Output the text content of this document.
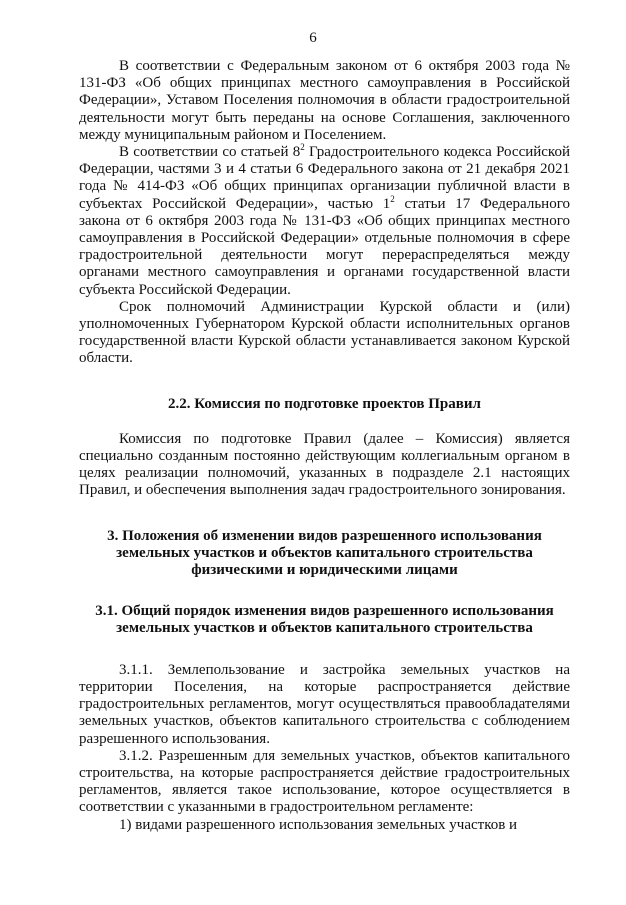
6

В соответствии с Федеральным законом от 6 октября 2003 года № 131-ФЗ «Об общих принципах местного самоуправления в Российской Федерации», Уставом Поселения полномочия в области градостроительной деятельности могут быть переданы на основе Соглашения, заключенного между муниципальным районом и Поселением.

В соответствии со статьей $8^2$ Градостроительного кодекса Российской Федерации, частями 3 и 4 статьи 6 Федерального закона от 21 декабря 2021 года № 414-ФЗ «Об общих принципах организации публичной власти в субъектах Российской Федерации», частью $1^2$ статьи 17 Федерального закона от 6 октября 2003 года № 131-ФЗ «Об общих принципах местного самоуправления в Российской Федерации» отдельные полномочия в сфере градостроительной деятельности могут перераспределяться между органами местного самоуправления и органами государственной власти субъекта Российской Федерации.

Срок полномочий Администрации Курской области и (или) уполномоченных Губернатором Курской области исполнительных органов государственной власти Курской области устанавливается законом Курской области.

2.2. Комиссия по подготовке проектов Правил

Комиссия по подготовке Правил (далее – Комиссия) является специально созданным постоянно действующим коллегиальным органом в целях реализации полномочий, указанных в подразделе 2.1 настоящих Правил, и обеспечения выполнения задач градостроительного зонирования.

3. Положения об изменении видов разрешенного использования земельных участков и объектов капитального строительства физическими и юридическими лицами
3.1. Общий порядок изменения видов разрешенного использования земельных участков и объектов капитального строительства

3.1.1. Землепользование и застройка земельных участков на территории Поселения, на которые распространяется действие градостроительных регламентов, могут осуществляться правообладателями земельных участков, объектов капитального строительства с соблюдением разрешенного использования.

3.1.2. Разрешенным для земельных участков, объектов капитального строительства, на которые распространяется действие градостроительных регламентов, является такое использование, которое осуществляется в соответствии с указанными в градостроительном регламенте:

1) видами разрешенного использования земельных участков и
